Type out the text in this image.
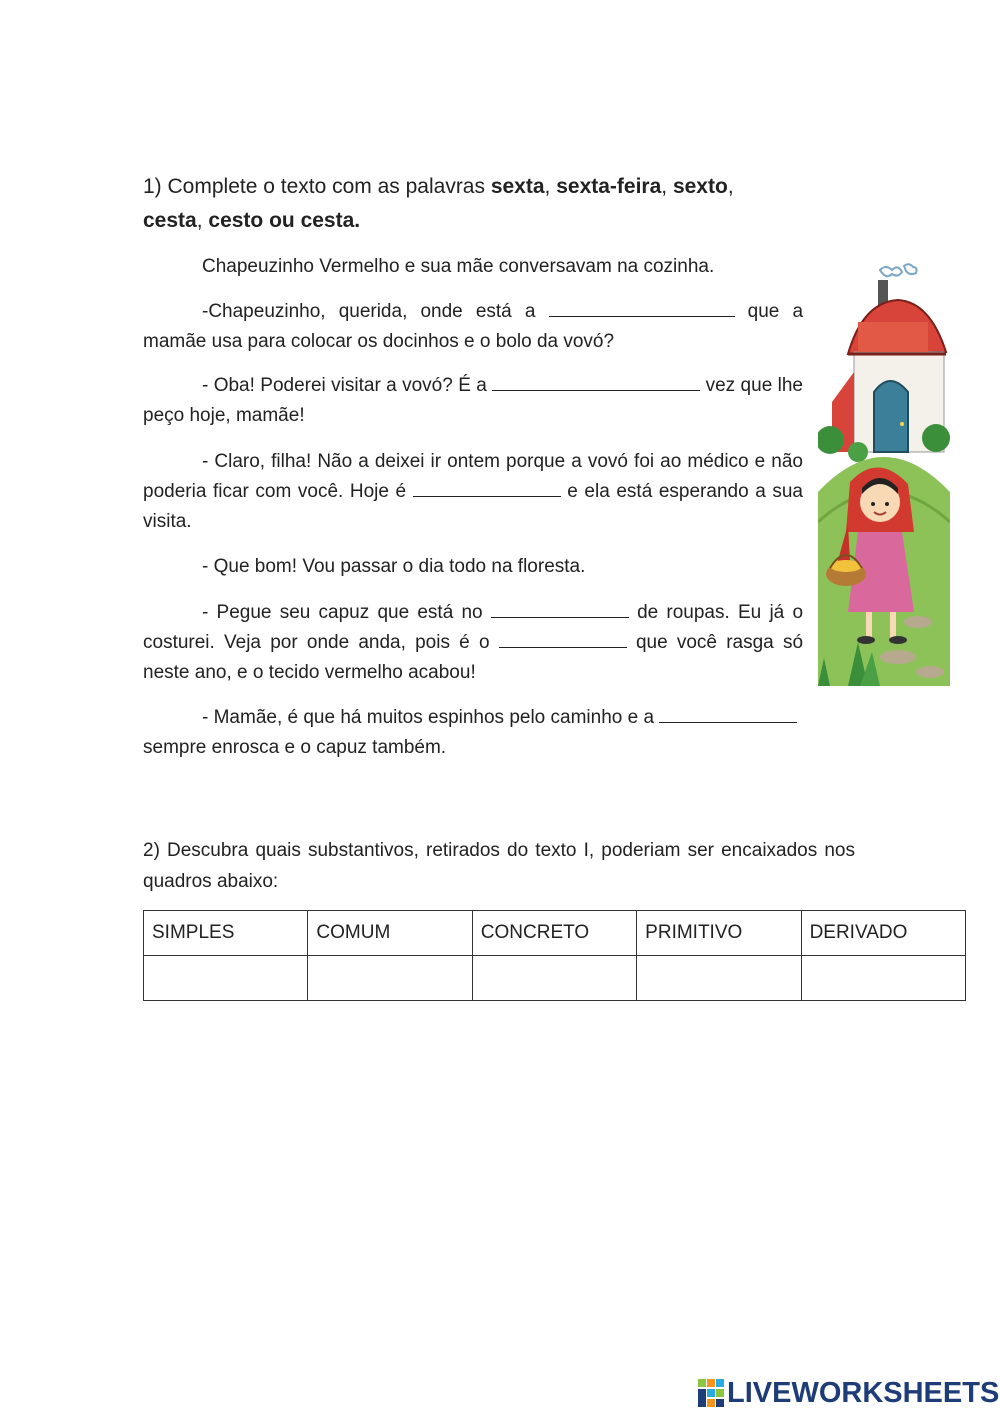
1) Complete o texto com as palavras sexta, sexta-feira, sexto,
cesta, cesto ou cesta.

Chapeuzinho Vermelho e sua mãe conversavam na cozinha.

-Chapeuzinho, querida, onde está a	que a mamãe usa para colocar os docinhos e o bolo da vovó?

- Oba! Poderei visitar a vovó? É a	vez que lhe peço hoje, mamãe!

- Claro, filha! Não a deixei ir ontem porque a vovó foi ao médico e não poderia ficar com você. Hoje é	e ela está esperando a sua visita.

- Que bom! Vou passar o dia todo na floresta.

- Pegue seu capuz que está no	de roupas. Eu já o costurei. Veja por onde anda, pois é o	que você rasga só neste ano, e o tecido vermelho acabou!

- Mamãe, é que há muitos espinhos pelo caminho e a
sempre enrosca e o capuz também.

2) Descubra quais substantivos, retirados do texto I, poderiam ser encaixados nos quadros abaixo:

SIMPLES	COMUM	CONCRETO	PRIMITIVO	DERIVADO

LIVEWORKSHEETS
